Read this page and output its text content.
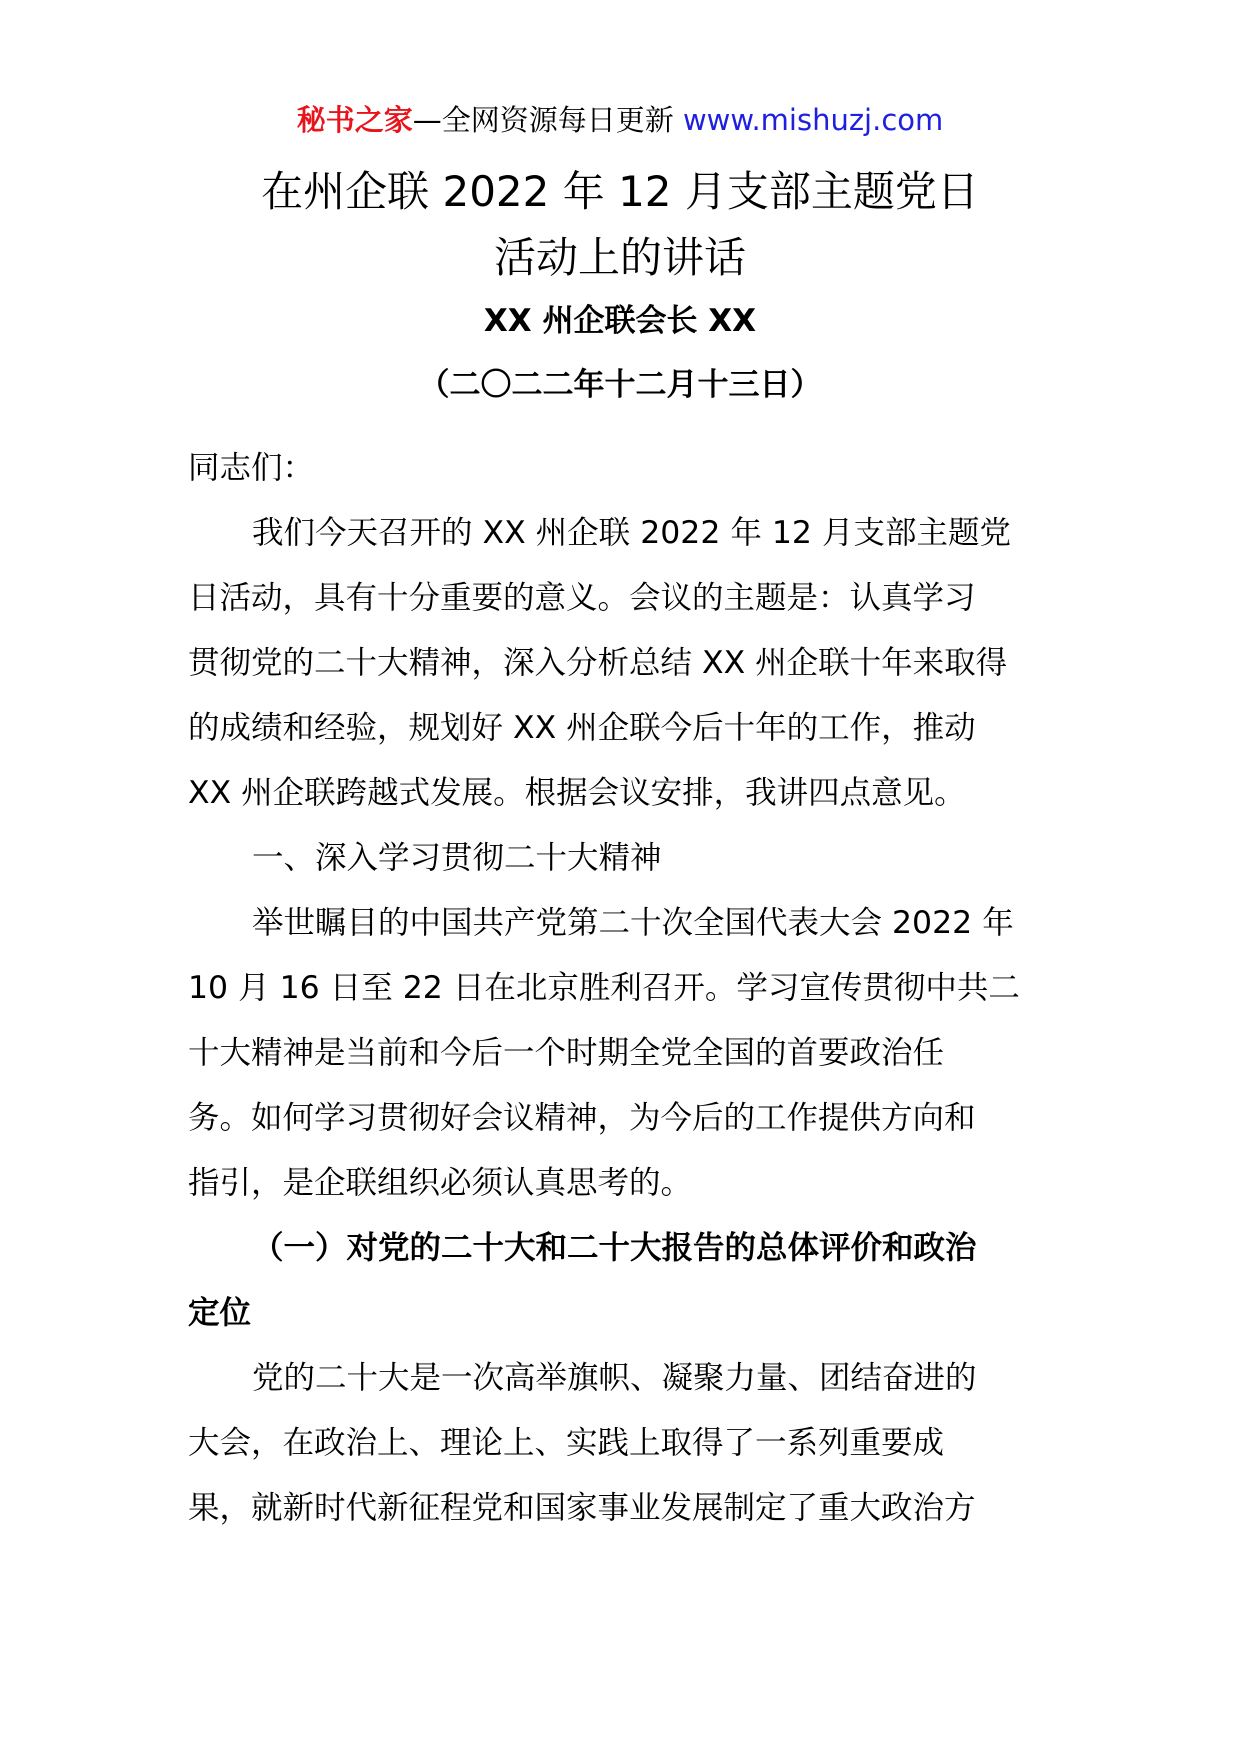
秘书之家—全网资源每日更新 www.mishuzj.com
在州企联 2022 年 12 月支部主题党日
活动上的讲话
XX 州企联会长 XX
（二〇二二年十二月十三日）
同志们：
我们今天召开的 XX 州企联 2022 年 12 月支部主题党
日活动，具有十分重要的意义。会议的主题是：认真学习
贯彻党的二十大精神，深入分析总结 XX 州企联十年来取得
的成绩和经验，规划好 XX 州企联今后十年的工作，推动
XX 州企联跨越式发展。根据会议安排，我讲四点意见。
一、深入学习贯彻二十大精神
举世瞩目的中国共产党第二十次全国代表大会 2022 年
10 月 16 日至 22 日在北京胜利召开。学习宣传贯彻中共二
十大精神是当前和今后一个时期全党全国的首要政治任
务。如何学习贯彻好会议精神，为今后的工作提供方向和
指引，是企联组织必须认真思考的。
（一）对党的二十大和二十大报告的总体评价和政治
定位
党的二十大是一次高举旗帜、凝聚力量、团结奋进的
大会，在政治上、理论上、实践上取得了一系列重要成
果，就新时代新征程党和国家事业发展制定了重大政治方
